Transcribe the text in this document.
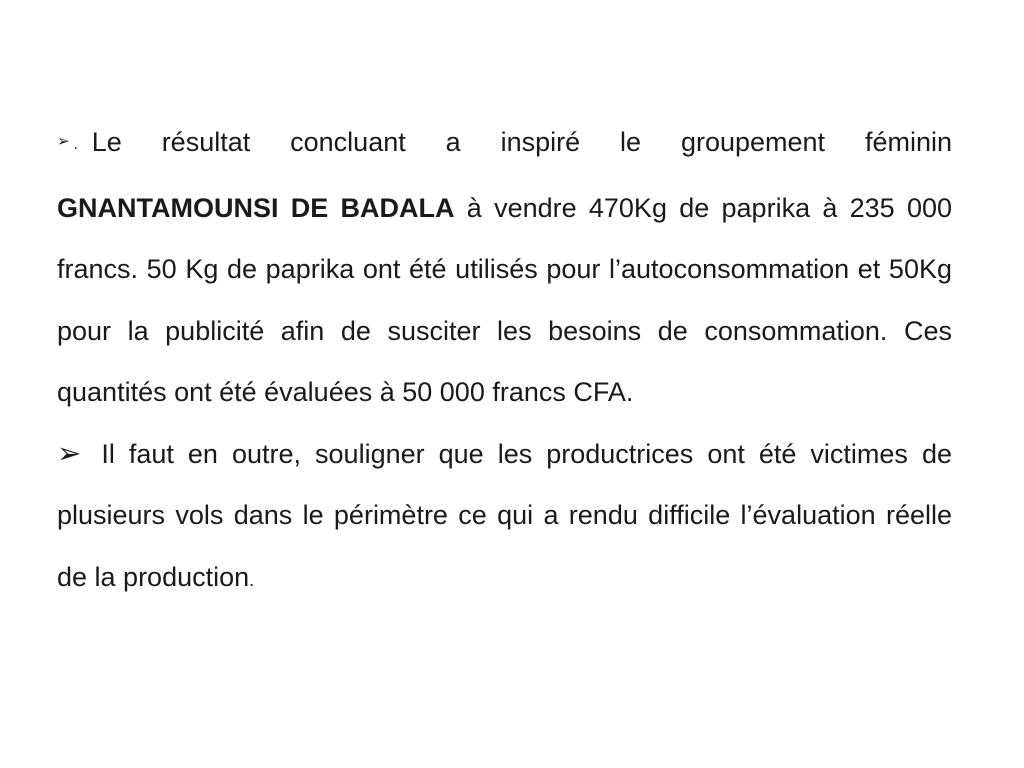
➢ . Le résultat concluant a inspiré le groupement féminin GNANTAMOUNSI DE BADALA à vendre 470Kg de paprika à 235 000 francs. 50 Kg de paprika ont été utilisés pour l’autoconsommation et 50Kg pour la publicité afin de susciter les besoins de consommation. Ces quantités ont été évaluées à 50 000 francs CFA.

➢ Il faut en outre, souligner que les productrices ont été victimes de plusieurs vols dans le périmètre ce qui a rendu difficile l’évaluation réelle de la production.
